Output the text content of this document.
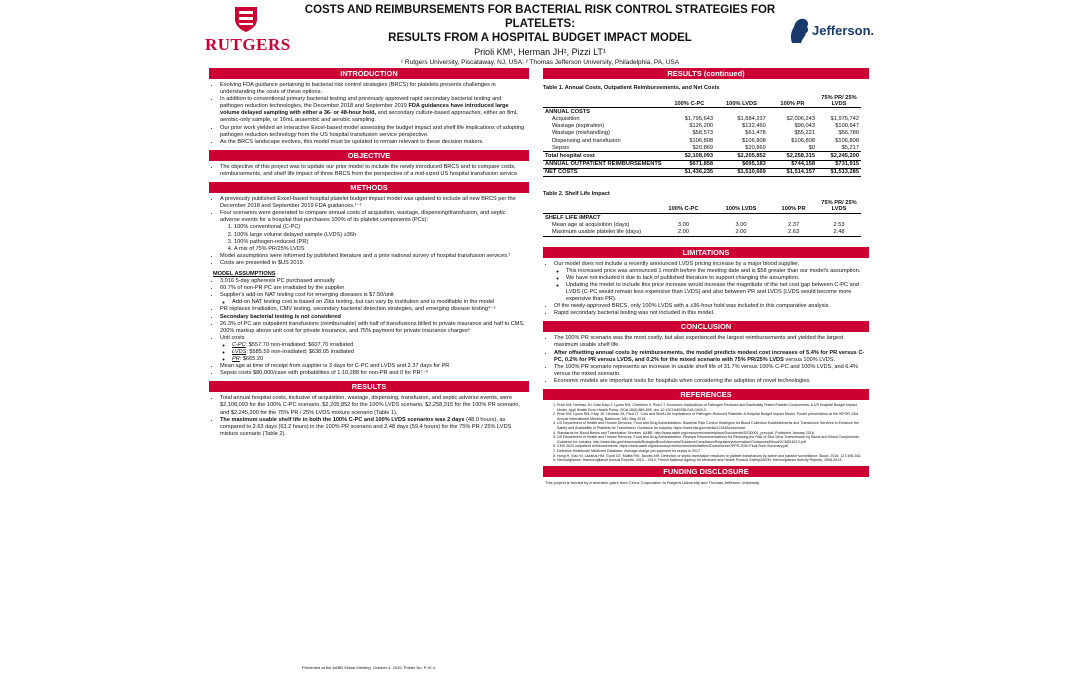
RUTGERS
COSTS AND REIMBURSEMENTS FOR BACTERIAL RISK CONTROL STRATEGIES FOR PLATELETS:
RESULTS FROM A HOSPITAL BUDGET IMPACT MODEL
Prioli KM¹, Herman JH², Pizzi LT¹
¹ Rutgers University, Piscataway, NJ, USA; ² Thomas Jefferson University, Philadelphia, PA, USA
Jefferson.
INTRODUCTION
• Evolving FDA guidance pertaining to bacterial risk control strategies (BRCS) for platelets presents challenges in understanding the costs of these options.
• In addition to conventional primary bacterial testing and previously approved rapid secondary bacterial testing and pathogen reduction technologies, the December 2018 and September 2019 FDA guidances have introduced large volume delayed sampling with either a 36- or 48-hour hold, and secondary culture-based approaches, either an 8mL aerobic-only sample, or 16mL anaerobic and aerobic sampling.
• Our prior work yielded an interactive Excel-based model assessing the budget impact and shelf life implications of adopting pathogen reduction technology from the US hospital transfusion service perspective.
• As the BRCS landscape evolves, this model must be updated to remain relevant to these decision makers.
OBJECTIVE
• The objective of this project was to update our prior model to include the newly introduced BRCS and to compare costs, reimbursements, and shelf life impact of three BRCS from the perspective of a mid-sized US hospital transfusion service.
METHODS
• A previously published Excel-based hospital platelet budget impact model was updated to include all new BRCS per the December 2018 and September 2019 FDA guidances.¹⁻³
• Four scenarios were generated to compare annual costs of acquisition, wastage, dispensing/transfusion, and septic adverse events for a hospital that purchases 100% of its platelet components (PCs):
1. 100% conventional (C-PC)
2. 100% large volume delayed sample (LVDS) ≥36h
3. 100% pathogen-reduced (PR)
4. A mix of 75% PR/25% LVDS
• Model assumptions were informed by published literature and a prior national survey of hospital transfusion services.¹
• Costs are presented in $US 2019.
MODEL ASSUMPTIONS
• 3,016 5-day apheresis PC purchased annually
• 60.7% of non-PR PC are irradiated by the supplier
• Supplier's add-on NAT testing cost for emerging diseases is $7.50/unit
◦ Add-on NAT testing cost is based on Zika testing, but can vary by institution and is modifiable in the model
• PR replaces irradiation, CMV testing, secondary bacterial detection strategies, and emerging disease testing⁴⁻⁵
• Secondary bacterial testing is not considered
• 26.3% of PC are outpatient transfusions (reimbursable) with half of transfusions billed to private insurance and half to CMS, 200% markup above unit cost for private insurance, and 75% payment for private insurance charges⁶
• Unit costs
◦ C-PC: $557.70 non-irradiated; $607.70 irradiated
◦ LVDS: $585.59 non-irradiated; $638.05 irradiated
◦ PR: $665.20
• Mean age at time of receipt from supplier is 3 days for C-PC and LVDS and 2.37 days for PR
• Sepsis costs $80,000/case with probabilities of 1:10,288 for non-PR and 0 for PR⁷⁻⁹
RESULTS
• Total annual hospital costs, inclusive of acquisition, wastage, dispensing, transfusion, and septic adverse events, were $2,108,093 for the 100% C-PC scenario, $2,205,852 for the 100% LVDS scenario, $2,258,315 for the 100% PR scenario, and $2,245,200 for the 75% PR / 25% LVDS mixture scenario (Table 1).
• The maximum usable shelf life in both the 100% C-PC and 100% LVDS scenarios was 2 days (48.0 hours), as compared to 2.63 days (63.2 hours) in the 100% PR scenario and 2.48 days (59.4 hours) for the 75% PR / 25% LVDS mixture scenario (Table 2).
Presented at the AABB Virtual Meeting, October 4, 2020, Poster No. P-IV-4.
RESULTS (continued)
Table 1. Annual Costs, Outpatient Reimbursements, and Net Costs
	100% C-PC	100% LVDS	100% PR	75% PR/ 25% LVDS
ANNUAL COSTS				
Acquisition	$1,795,643	$1,884,237	$2,006,243	$1,975,742
Wastage (expiration)	$126,200	$132,460	$90,043	$100,647
Wastage (mishandling)	$58,573	$61,478	$55,221	$56,786
Dispensing and transfusion	$106,808	$106,808	$106,808	$106,808
Sepsis	$20,869	$20,869	$0	$5,217
Total hospital cost	$2,108,093	$2,205,852	$2,258,315	$2,245,200
ANNUAL OUTPATIENT REIMBURSEMENTS	$671,858	$695,183	$744,158	$731,915
NET COSTS	$1,436,235	$1,510,669	$1,514,157	$1,513,285
Table 2. Shelf Life Impact
	100% C-PC	100% LVDS	100% PR	75% PR/ 25% LVDS
SHELF LIFE IMPACT				
Mean age at acquisition (days)	3.00	3.00	2.37	2.53
Maximum usable platelet life (days)	2.00	2.00	2.63	2.48
LIMITATIONS
• Our model does not include a recently announced LVDS pricing increase by a major blood supplier.
◦ This increased price was announced 1 month before the meeting date and is $58 greater than our model's assumption.
◦ We have not included it due to lack of published literature to support changing the assumption.
◦ Updating the model to include this price increase would increase the magnitude of the net cost gap between C-PC and LVDS (C-PC would remain less expensive than LVDS) and also between PR and LVDS (LVDS would become more expensive than PR).
• Of the newly-approved BRCS, only 100% LVDS with a ≥36-hour hold was included in this comparative analysis.
• Rapid secondary bacterial testing was not included in this model.
CONCLUSION
• The 100% PR scenario was the most costly, but also experienced the largest reimbursements and yielded the largest maximum usable shelf life.
• After offsetting annual costs by reimbursements, the model predicts modest cost increases of 5.4% for PR versus C-PC, 0.2% for PR versus LVDS, and 0.2% for the mixed scenario with 75% PR/25% LVDS versus 100% LVDS.
• The 100% PR scenario represents an increase in usable shelf life of 31.7% versus 100% C-PC and 100% LVDS, and 6.4% versus the mixed scenario.
• Economic models are important tools for hospitals when considering the adoption of novel technologies.
REFERENCES
1. Prioli KM, Herman JH, Katz-Karp J, Lyons RM, Chrebtow V, Pizzi LT. Economic Implications of Pathogen Reduced and Bacterially Tested Platelet Components: A US Hospital Budget Impact Model. Appl Health Econ Health Policy. 2018;16(6):889-899. doi: 10.1007/s40258-018-0409-3.
2. Prioli KM, Lyons RM, Karp JK, Herman JH, Pizzi LT. Cost and Shelf-Life Implications of Pathogen-Reduced Platelets: A Hospital Budget Impact Model. Poster presentation at the ISPOR 23rd Annual International Meeting, Baltimore, MD; May 2018.
3. US Department of Health and Human Services, Food and Drug Administration. Bacterial Risk Control Strategies for Blood Collection Establishments and Transfusion Services to Enhance the Safety and Availability of Platelets for Transfusion. Guidance for Industry. https://www.fda.gov/media/123448/download.
4. Standards for Blood Banks and Transfusion Services. AABB. http://www.aabb.org/resources/marketplace/Documents/SS30001_prev.pdf. Published January 2016.
5. US Department of Health and Human Services, Food and Drug Administration. Revised Recommendations for Reducing the Risk of Zika Virus Transmission by Blood and Blood Components. Guidance for Industry. http://www.fda.gov/downloads/BiologicsBloodVaccines/GuidanceComplianceRegulatoryInformation/Guidances/Blood/UCM518213.pdf
6. CMS 2020 outpatient reimbursements. https://www.aabb.org/advocacy/reimbursementinitiatives/Documents/OPPS-2020-Final-Rule-Summary.pdf
7. Definitive Healthcare Medicare Database. Average charge-per-payment for sepsis in 2017.
8. Hong H, Xiao W, Lazarus HM, Good CE, Maitta RW, Jacobs MR. Detection of septic transfusion reactions to platelet transfusions by active and passive surveillance. Blood. 2016; 127:496-502.
9. Hemovigilance: Haemovigilance Annual Reports, 2010 – 2014; French National Agency for Medicine and Health Product Safety/ANSM, Hemovigilance Activity Reports, 2006-2014.
FUNDING DISCLOSURE
This project is funded by a research grant from Cerus Corporation to Rutgers University and Thomas Jefferson University.
